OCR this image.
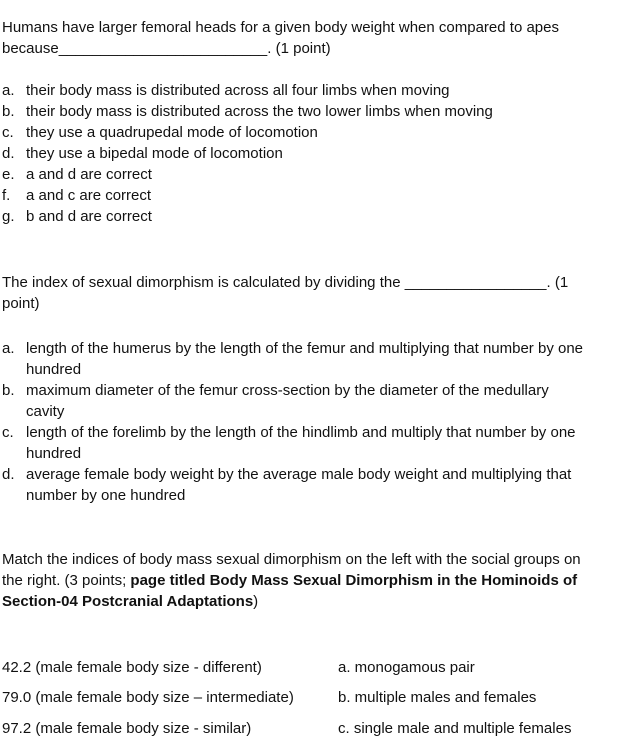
Humans have larger femoral heads for a given body weight when compared to apes
because_________________________. (1 point)
a. their body mass is distributed across all four limbs when moving
b. their body mass is distributed across the two lower limbs when moving
c. they use a quadrupedal mode of locomotion
d. they use a bipedal mode of locomotion
e. a and d are correct
f. a and c are correct
g. b and d are correct
The index of sexual dimorphism is calculated by dividing the _________________. (1
point)
a. length of the humerus by the length of the femur and multiplying that number by one
hundred
b. maximum diameter of the femur cross-section by the diameter of the medullary
cavity
c. length of the forelimb by the length of the hindlimb and multiply that number by one
hundred
d. average female body weight by the average male body weight and multiplying that
number by one hundred
Match the indices of body mass sexual dimorphism on the left with the social groups on
the right. (3 points; page titled Body Mass Sexual Dimorphism in the Hominoids of
Section-04 Postcranial Adaptations)
42.2 (male female body size - different)	a. monogamous pair
79.0 (male female body size – intermediate)	b. multiple males and females
97.2 (male female body size - similar)	c. single male and multiple females
